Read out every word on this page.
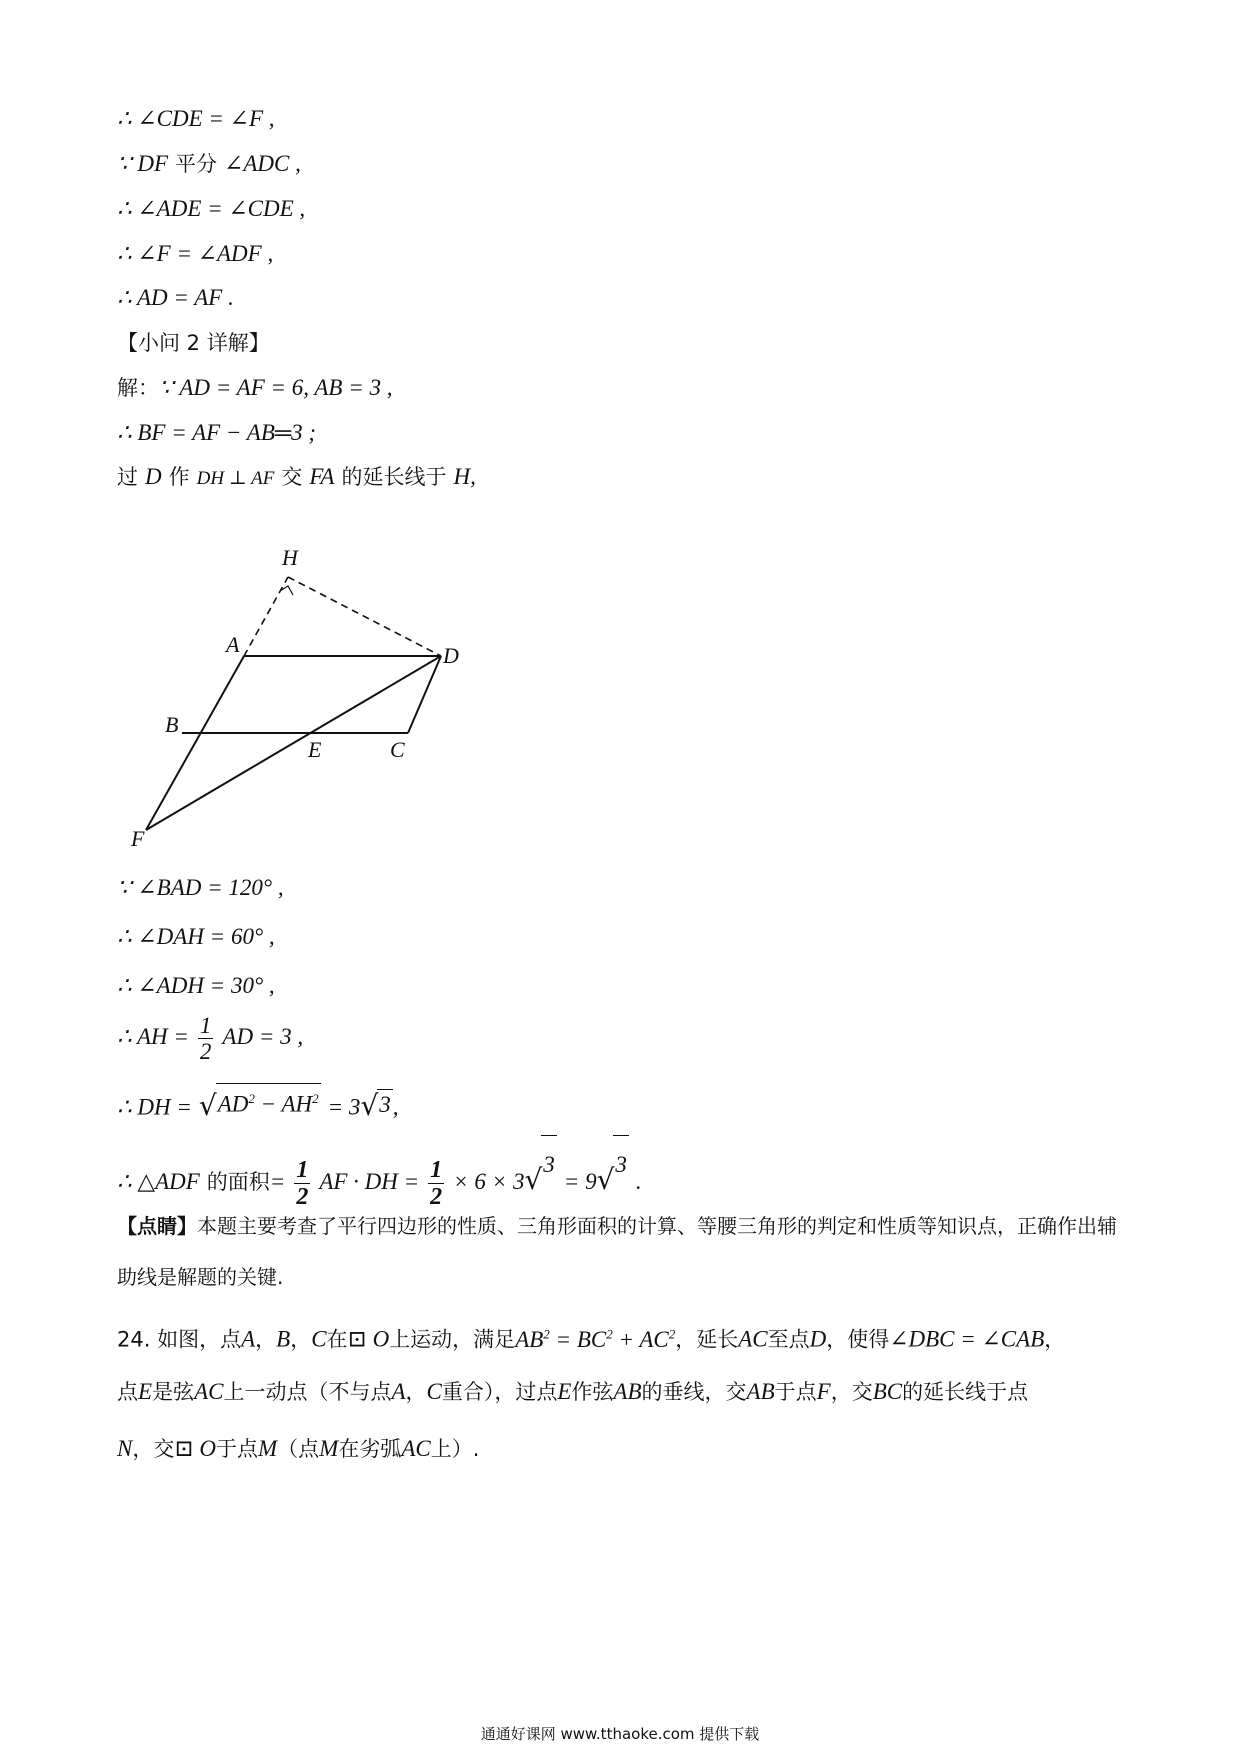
∴ ∠CDE = ∠F ,
∵ DF 平分 ∠ADC ,
∴ ∠ADE = ∠CDE ,
∴ ∠F = ∠ADF ,
∴ AD = AF .
【小问 2 详解】
解：∵ AD = AF = 6, AB = 3 ,
∴ BF = AF − AB═3 ;
过 D 作 DH ⊥ AF 交 FA 的延长线于 H,
H
A	D
B
E	C
F
∵ ∠BAD = 120° ,
∴ ∠DAH = 60° ,
∴ ∠ADH = 30° ,
∴ AH = $\frac{1}{2}$ AD = 3 ,
∴ DH = √ $AD^2 - AH^2 = 3$ √ 3 ,
∴ △ADF 的面积= $\frac{1}{2}$ AF · DH = $\frac{1}{2} \times 6 \times 3$ √ 3
= 9 √ 3
.
【点睛】本题主要考查了平行四边形的性质、三角形面积的计算、等腰三角形的判定和性质等知识点，正确作出辅助线是解题的关键.
24. 如图，点A，B，C在⊡ O上运动，满足$AB^2 = BC^2 + AC^2$，延长AC至点D，使得∠DBC = ∠CAB，
点E是弦AC上一动点（不与点A，C重合），过点E作弦AB的垂线，交AB于点F，交BC的延长线于点
N，交⊡ O于点M（点M在劣弧AC上）.
通通好课网 www.tthaoke.com 提供下载
